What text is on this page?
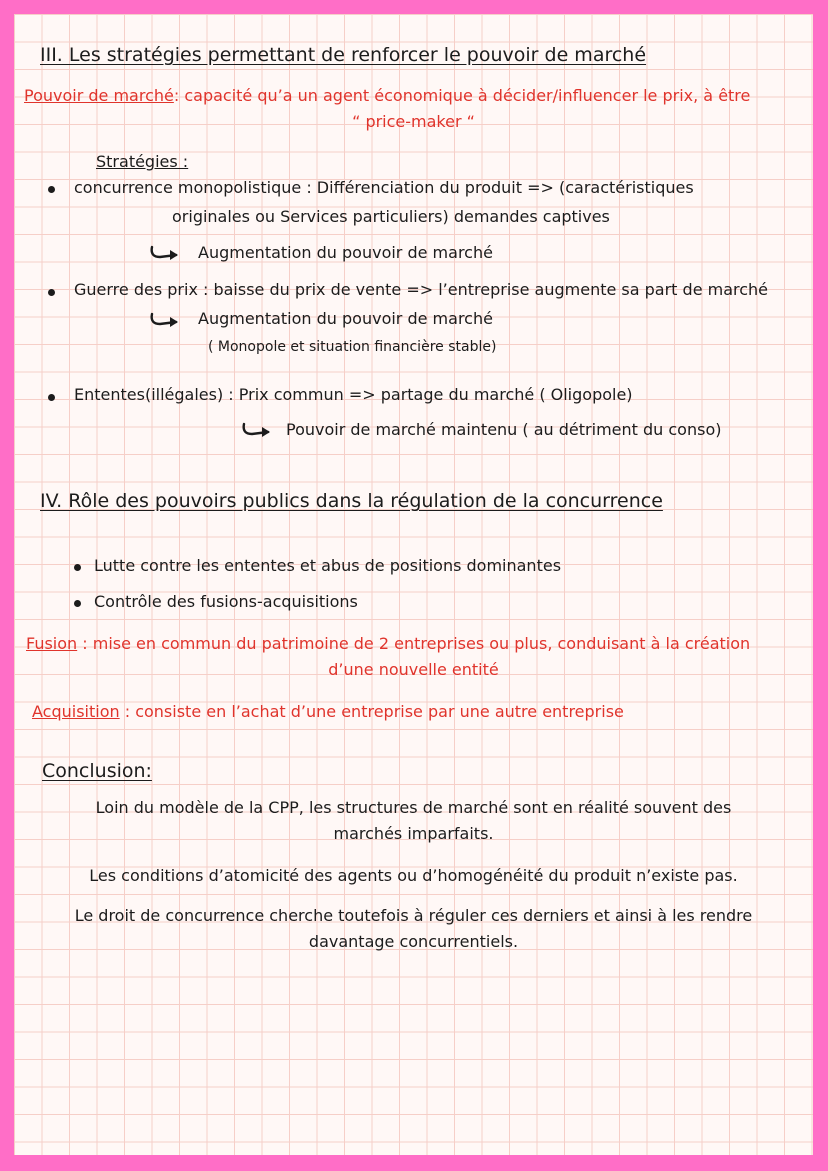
III. Les stratégies permettant de renforcer le pouvoir de marché
Pouvoir de marché: capacité qu’a un agent économique à décider/influencer le prix, à être
“ price-maker “
Stratégies :
concurrence monopolistique : Différenciation du produit => (caractéristiques
originales ou Services particuliers) demandes captives
Augmentation du pouvoir de marché
Guerre des prix : baisse du prix de vente => l’entreprise augmente sa part de marché
Augmentation du pouvoir de marché
( Monopole et situation financière stable)
Ententes(illégales) : Prix commun => partage du marché ( Oligopole)
Pouvoir de marché maintenu ( au détriment du conso)
IV. Rôle des pouvoirs publics dans la régulation de la concurrence
Lutte contre les ententes et abus de positions dominantes
Contrôle des fusions-acquisitions
Fusion : mise en commun du patrimoine de 2 entreprises ou plus, conduisant à la création
d’une nouvelle entité
Acquisition : consiste en l’achat d’une entreprise par une autre entreprise
Conclusion:
Loin du modèle de la CPP, les structures de marché sont en réalité souvent des
marchés imparfaits.
Les conditions d’atomicité des agents ou d’homogénéité du produit n’existe pas.
Le droit de concurrence cherche toutefois à réguler ces derniers et ainsi à les rendre
davantage concurrentiels.
